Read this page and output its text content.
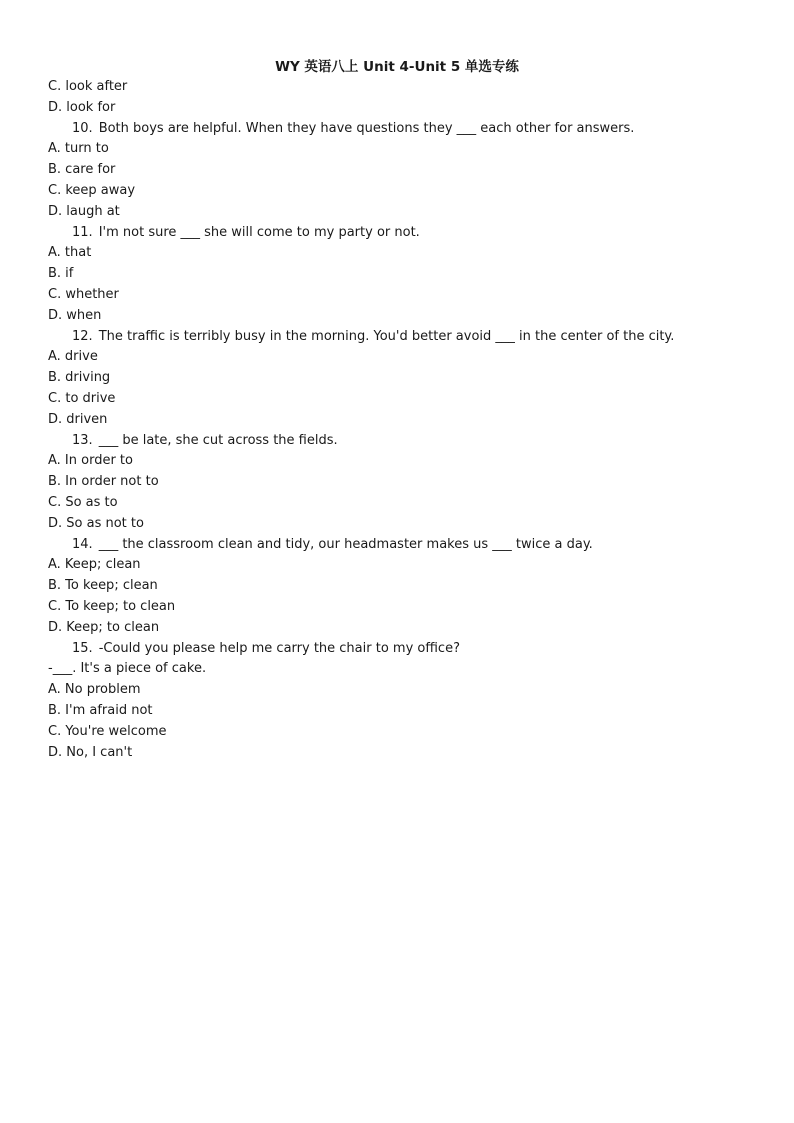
WY 英语八上 Unit 4-Unit 5 单选专练
C. look after
D. look for
10. Both boys are helpful. When they have questions they ___ each other for answers.
A. turn to
B. care for
C. keep away
D. laugh at
11. I'm not sure ___ she will come to my party or not.
A. that
B. if
C. whether
D. when
12. The traffic is terribly busy in the morning. You'd better avoid ___ in the center of the city.
A. drive
B. driving
C. to drive
D. driven
13. ___ be late, she cut across the fields.
A. In order to
B. In order not to
C. So as to
D. So as not to
14. ___ the classroom clean and tidy, our headmaster makes us ___ twice a day.
A. Keep; clean
B. To keep; clean
C. To keep; to clean
D. Keep; to clean
15. -Could you please help me carry the chair to my office?
-___. It's a piece of cake.
A. No problem
B. I'm afraid not
C. You're welcome
D. No, I can't
